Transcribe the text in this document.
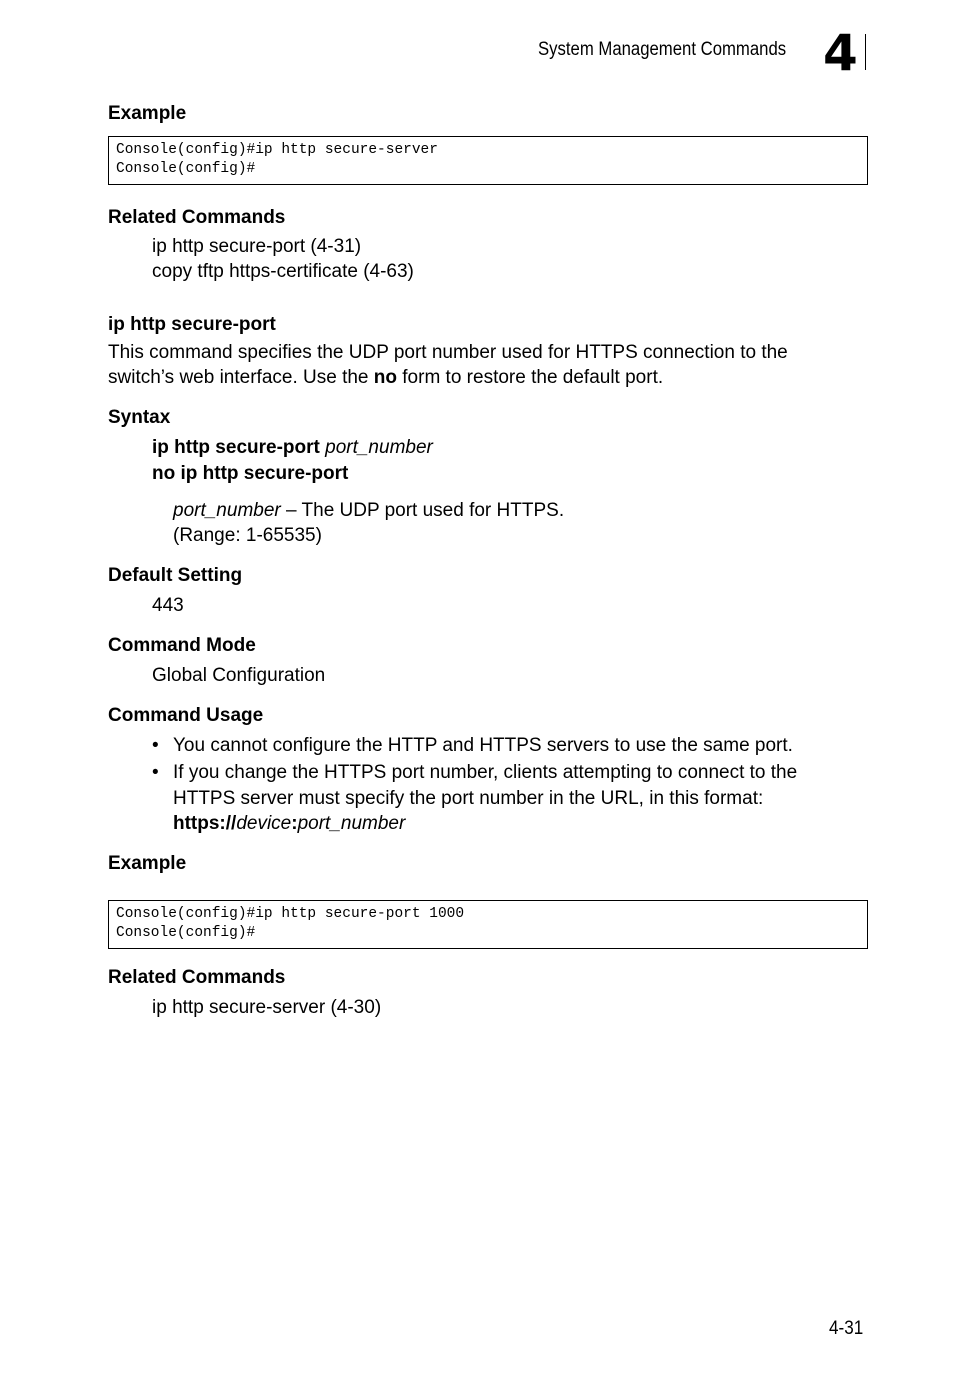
System Management Commands 4
Example
Console(config)#ip http secure-server
Console(config)#
Related Commands
ip http secure-port (4-31)
copy tftp https-certificate (4-63)
ip http secure-port
This command specifies the UDP port number used for HTTPS connection to the
switch’s web interface. Use the no form to restore the default port.
Syntax
ip http secure-port port_number
no ip http secure-port
port_number – The UDP port used for HTTPS.
(Range: 1-65535)
Default Setting
443
Command Mode
Global Configuration
Command Usage
• You cannot configure the HTTP and HTTPS servers to use the same port.
• If you change the HTTPS port number, clients attempting to connect to the
HTTPS server must specify the port number in the URL, in this format:
https://device:port_number
Example
Console(config)#ip http secure-port 1000
Console(config)#
Related Commands
ip http secure-server (4-30)
4-31
